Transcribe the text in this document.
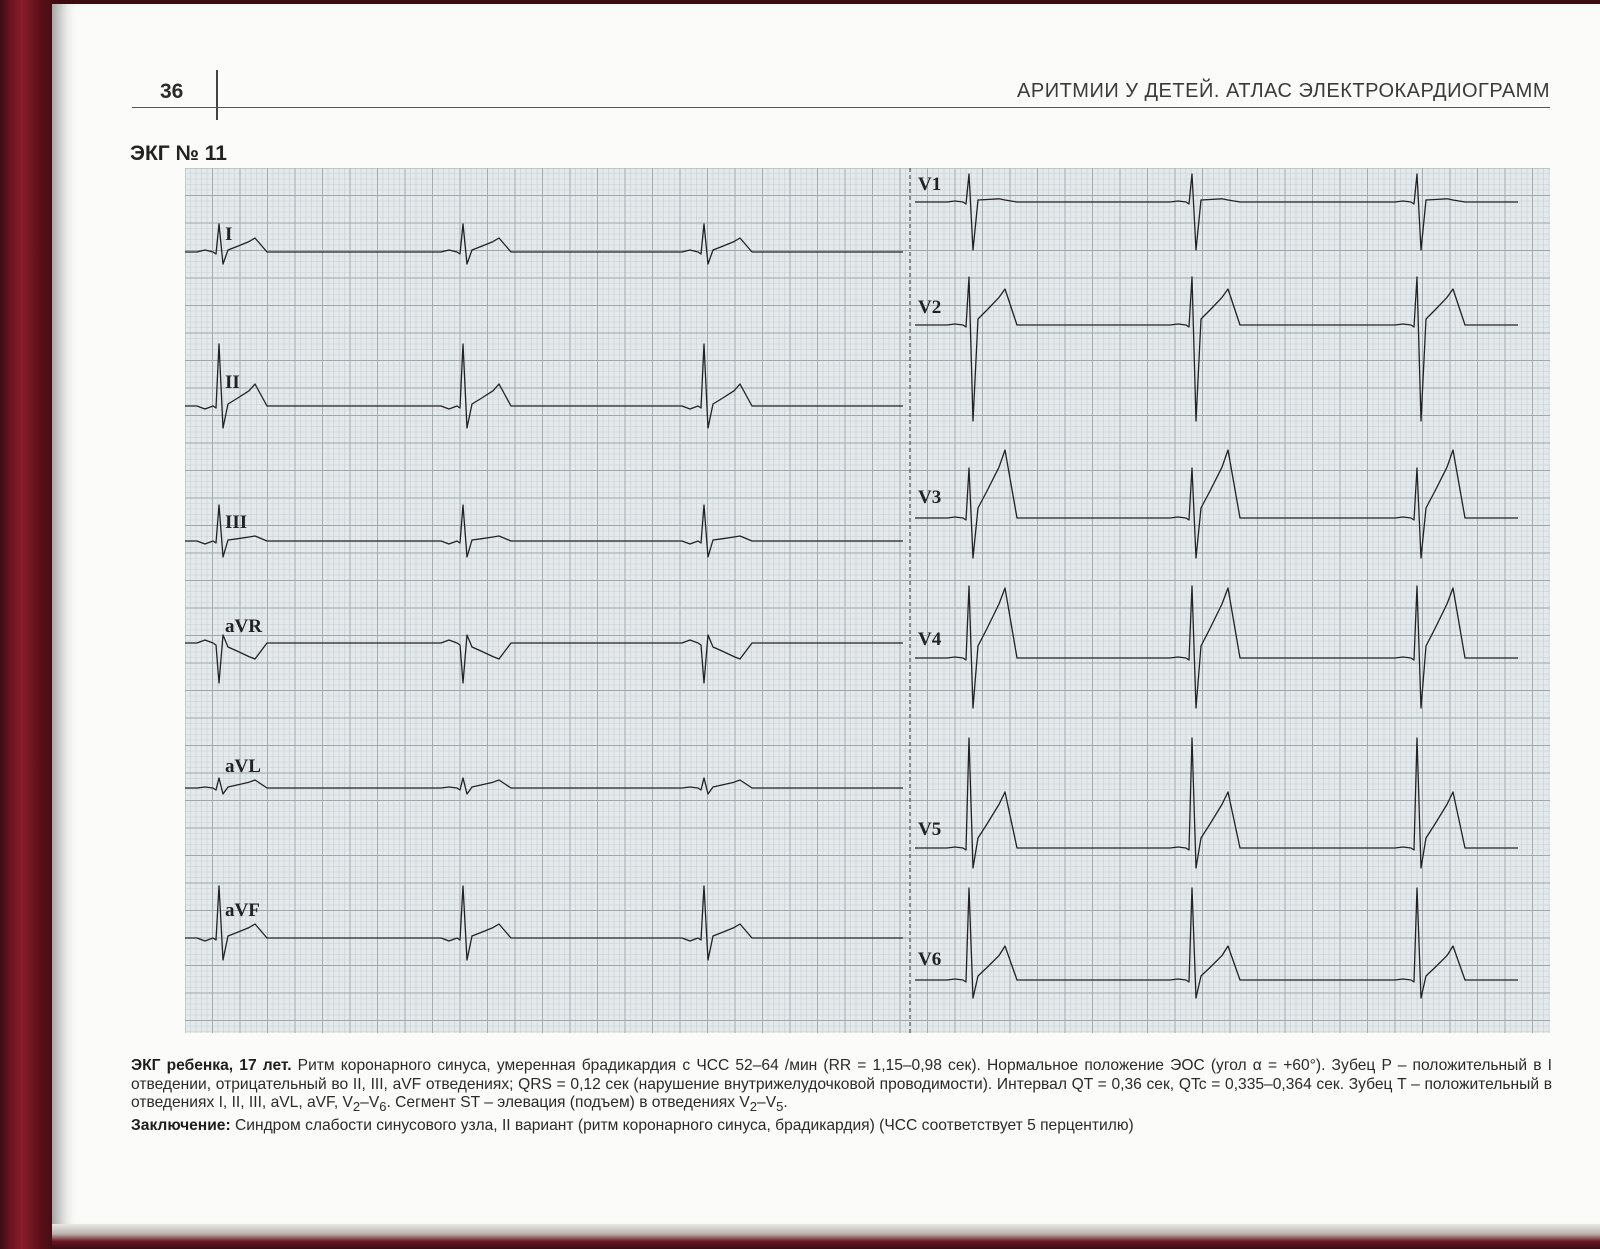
36	АРИТМИИ У ДЕТЕЙ. АТЛАС ЭЛЕКТРОКАРДИОГРАММ
ЭКГ № 11
I
II
III
aVR
aVL
aVF
V1
V2
V3
V4
V5
V6

ЭКГ ребенка, 17 лет. Ритм коронарного синуса, умеренная брадикардия с ЧСС 52–64 /мин (RR = 1,15–0,98 сек). Нормальное положение ЭОС (угол α = +60°). Зубец P – положительный в I отведении, отрицательный во II, III, aVF отведениях; QRS = 0,12 сек (нарушение внутрижелудочковой проводимости). Интервал QT = 0,36 сек, QTc = 0,335–0,364 сек. Зубец T – положительный в отведениях I, II, III, aVL, aVF, $V_2-V_6$. Сегмент ST – элевация (подъем) в отведениях $V_2-V_5$.

Заключение: Синдром слабости синусового узла, II вариант (ритм коронарного синуса, брадикардия) (ЧСС соответствует 5 перцентилю)
